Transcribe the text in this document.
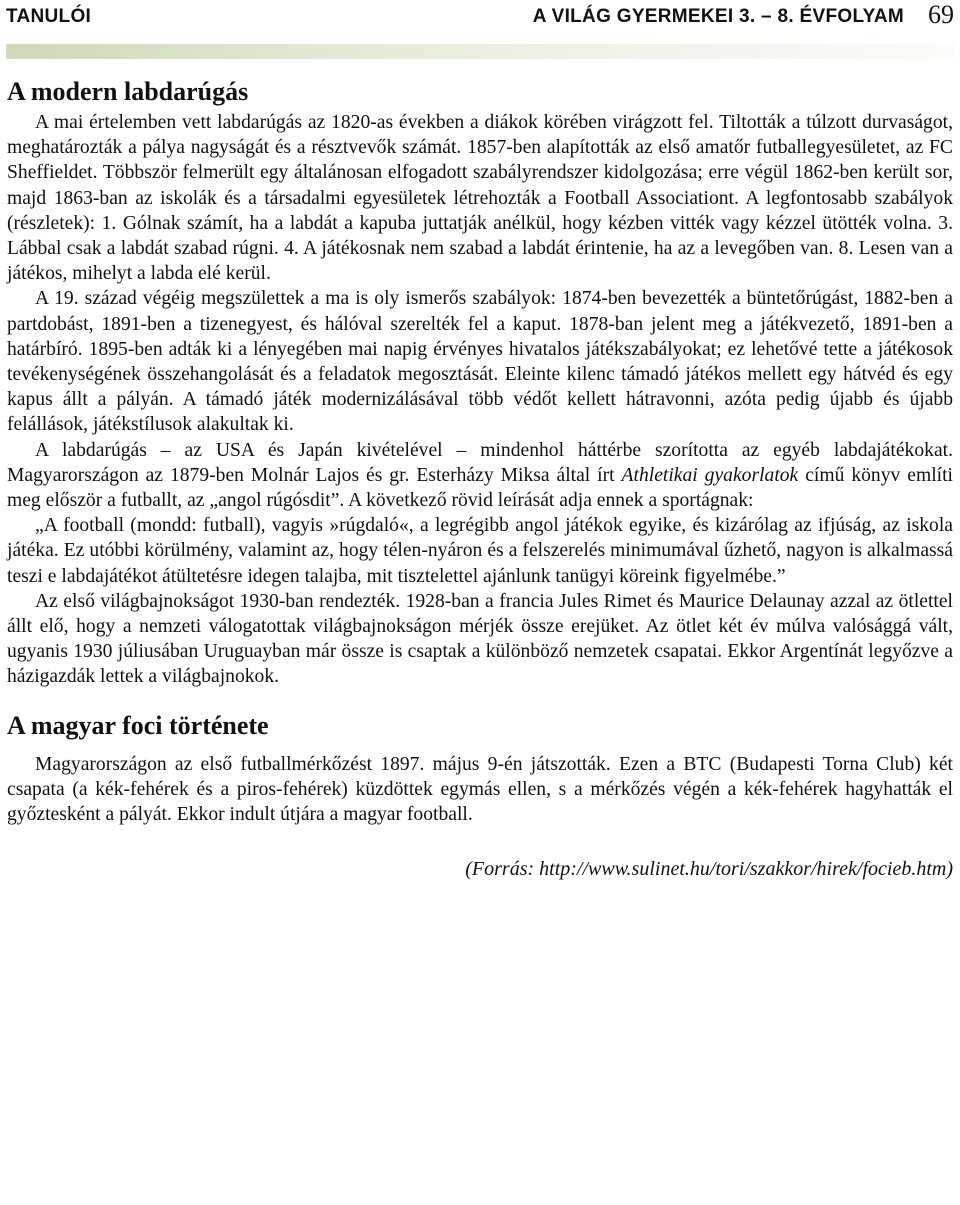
TANULÓI	A VILÁG GYERMEKEI 3. – 8. ÉVFOLYAM 69
A modern labdarúgás

A mai értelemben vett labdarúgás az 1820-as években a diákok körében virágzott fel. Tiltották a túlzott durvaságot, meghatározták a pálya nagyságát és a résztvevők számát. 1857-ben alapították az első amatőr futballegyesületet, az FC Sheffieldet. Többször felmerült egy általánosan elfogadott szabályrendszer kidolgozása; erre végül 1862-ben került sor, majd 1863-ban az iskolák és a társadalmi egyesületek létrehozták a Football Associationt. A legfontosabb szabályok (részletek): 1. Gólnak számít, ha a labdát a kapuba juttatják anélkül, hogy kézben vitték vagy kézzel ütötték volna. 3. Lábbal csak a labdát szabad rúgni. 4. A játékosnak nem szabad a labdát érintenie, ha az a levegőben van. 8. Lesen van a játékos, mihelyt a labda elé kerül.

A 19. század végéig megszülettek a ma is oly ismerős szabályok: 1874-ben bevezették a büntetőrúgást, 1882-ben a partdobást, 1891-ben a tizenegyest, és hálóval szerelték fel a kaput. 1878-ban jelent meg a játékvezető, 1891-ben a határbíró. 1895-ben adták ki a lényegében mai napig érvényes hivatalos játékszabályokat; ez lehetővé tette a játékosok tevékenységének összehangolását és a feladatok megosztását. Eleinte kilenc támadó játékos mellett egy hátvéd és egy kapus állt a pályán. A támadó játék modernizálásával több védőt kellett hátravonni, azóta pedig újabb és újabb felállások, játékstílusok alakultak ki.

A labdarúgás – az USA és Japán kivételével – mindenhol háttérbe szorította az egyéb labdajátékokat. Magyarországon az 1879-ben Molnár Lajos és gr. Esterházy Miksa által írt Athletikai gyakorlatok című könyv említi meg először a futballt, az „angol rúgósdit”. A következő rövid leírását adja ennek a sportágnak:

„A football (mondd: futball), vagyis »rúgdaló«, a legrégibb angol játékok egyike, és kizárólag az ifjúság, az iskola játéka. Ez utóbbi körülmény, valamint az, hogy télen-nyáron és a felszerelés minimumával űzhető, nagyon is alkalmassá teszi e labdajátékot átültetésre idegen talajba, mit tisztelettel ajánlunk tanügyi köreink figyelmébe.”

Az első világbajnokságot 1930-ban rendezték. 1928-ban a francia Jules Rimet és Maurice Delaunay azzal az ötlettel állt elő, hogy a nemzeti válogatottak világbajnokságon mérjék össze erejüket. Az ötlet két év múlva valósággá vált, ugyanis 1930 júliusában Uruguayban már össze is csaptak a különböző nemzetek csapatai. Ekkor Argentínát legyőzve a házigazdák lettek a világbajnokok.

A magyar foci története

Magyarországon az első futballmérkőzést 1897. május 9-én játszották. Ezen a BTC (Budapesti Torna Club) két csapata (a kék-fehérek és a piros-fehérek) küzdöttek egymás ellen, s a mérkőzés végén a kék-fehérek hagyhatták el győztesként a pályát. Ekkor indult útjára a magyar football.

(Forrás: http://www.sulinet.hu/tori/szakkor/hirek/focieb.htm)
